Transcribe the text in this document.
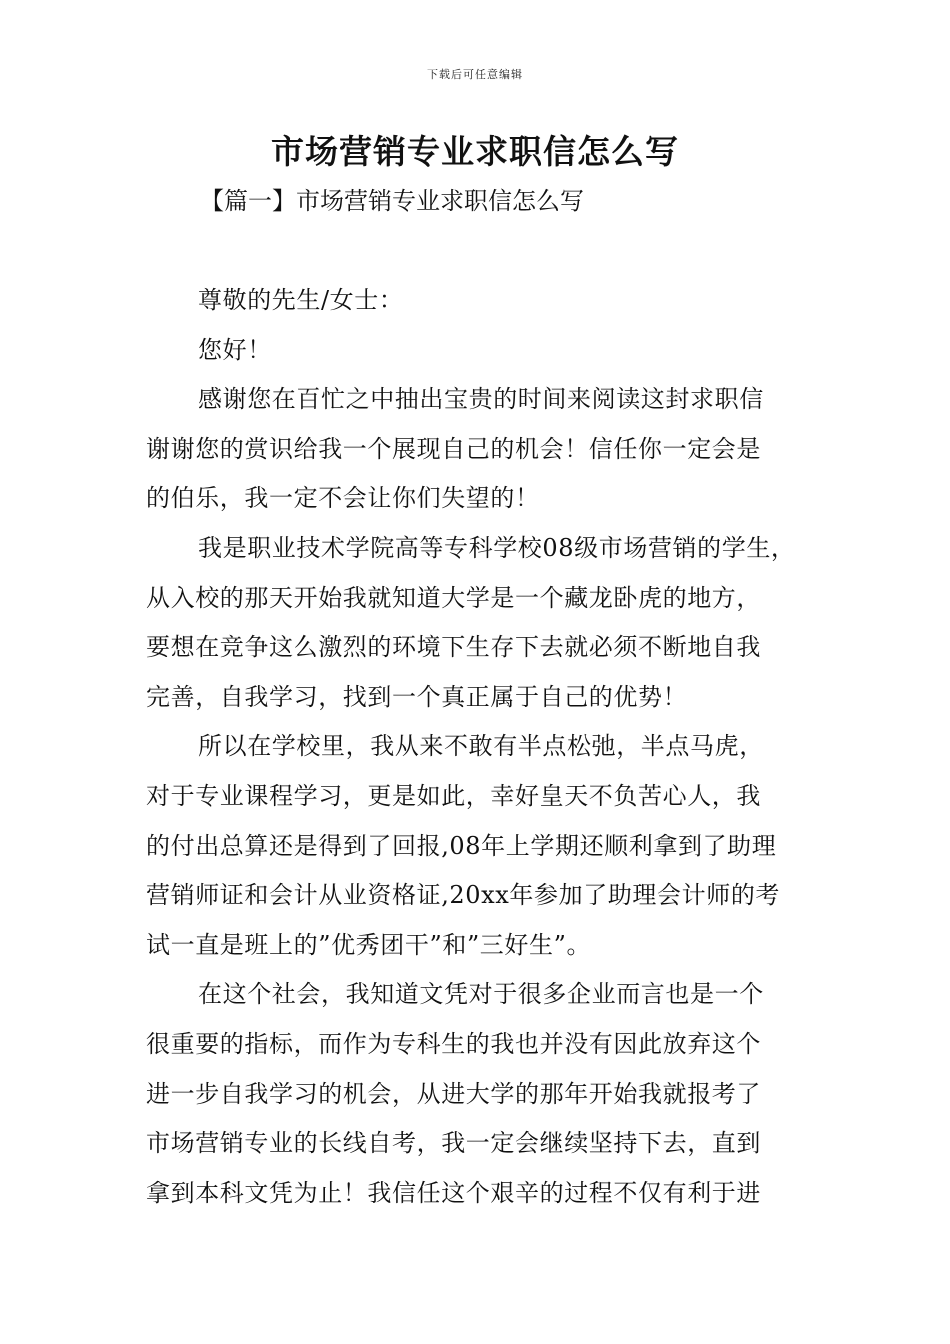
下载后可任意编辑
市场营销专业求职信怎么写
【篇一】市场营销专业求职信怎么写
尊敬的先生/女士：
您好！
感谢您在百忙之中抽出宝贵的时间来阅读这封求职信
谢谢您的赏识给我一个展现自己的机会！信任你一定会是
的伯乐，我一定不会让你们失望的！
我是职业技术学院高等专科学校08级市场营销的学生，
从入校的那天开始我就知道大学是一个藏龙卧虎的地方，
要想在竞争这么激烈的环境下生存下去就必须不断地自我
完善，自我学习，找到一个真正属于自己的优势！
所以在学校里，我从来不敢有半点松弛，半点马虎，
对于专业课程学习，更是如此，幸好皇天不负苦心人，我
的付出总算还是得到了回报,08年上学期还顺利拿到了助理
营销师证和会计从业资格证,20xx年参加了助理会计师的考
试一直是班上的”优秀团干”和”三好生”。
在这个社会，我知道文凭对于很多企业而言也是一个
很重要的指标，而作为专科生的我也并没有因此放弃这个
进一步自我学习的机会，从进大学的那年开始我就报考了
市场营销专业的长线自考，我一定会继续坚持下去，直到
拿到本科文凭为止！我信任这个艰辛的过程不仅有利于进
